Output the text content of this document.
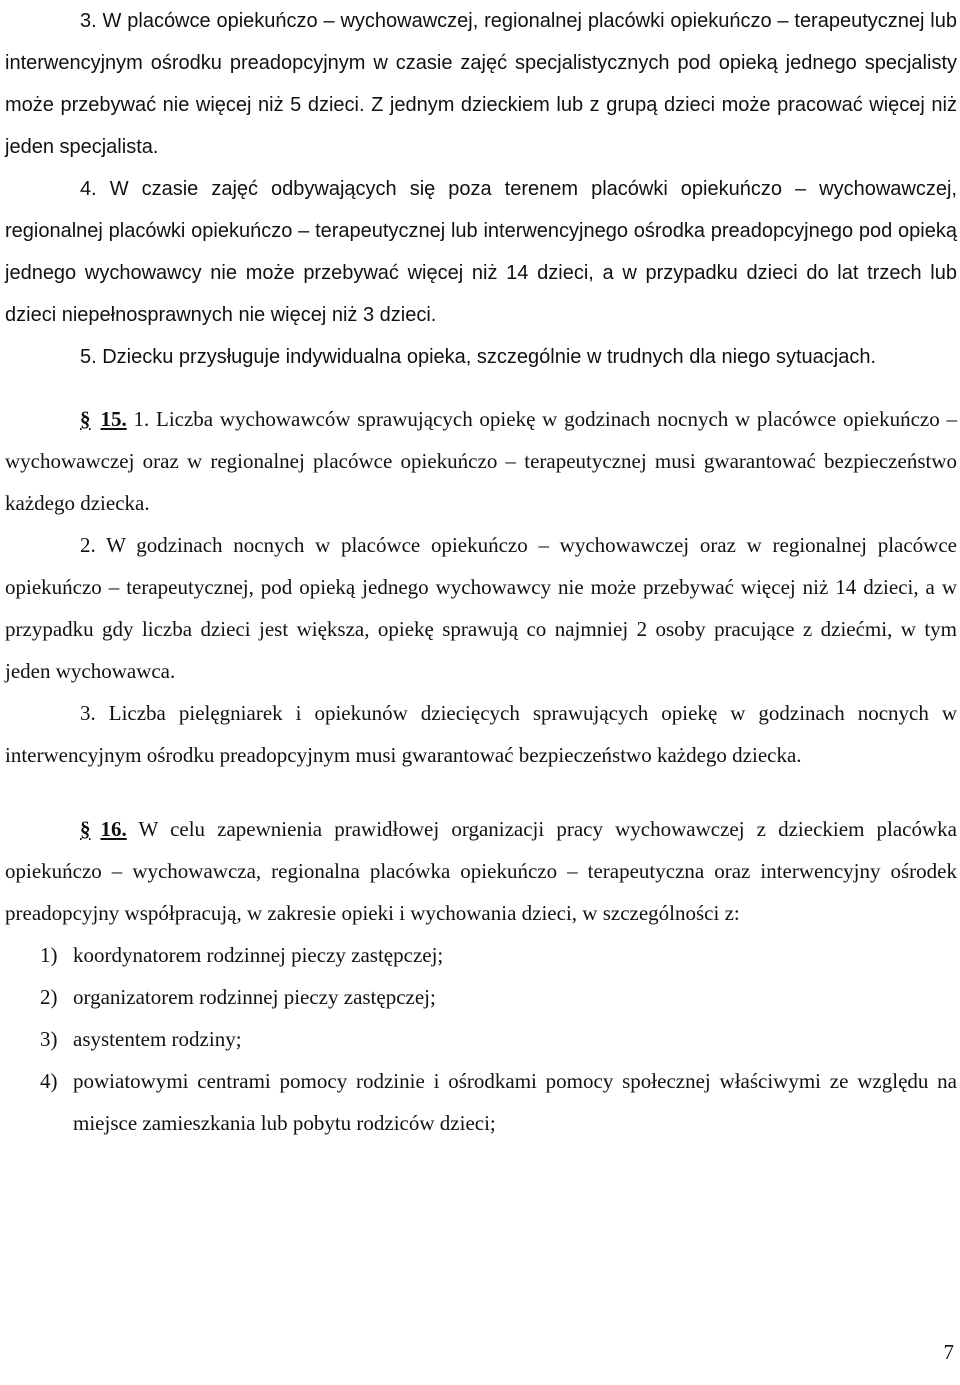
3. W placówce opiekuńczo – wychowawczej, regionalnej placówki opiekuńczo – terapeutycznej lub interwencyjnym ośrodku preadopcyjnym w czasie zajęć specjalistycznych pod opieką jednego specjalisty może przebywać nie więcej niż 5 dzieci. Z jednym dzieckiem lub z grupą dzieci może pracować więcej niż jeden specjalista.

4. W czasie zajęć odbywających się poza terenem placówki opiekuńczo – wychowawczej, regionalnej placówki opiekuńczo – terapeutycznej lub interwencyjnego ośrodka preadopcyjnego pod opieką jednego wychowawcy nie może przebywać więcej niż 14 dzieci, a w przypadku dzieci do lat trzech lub dzieci niepełnosprawnych nie więcej niż 3 dzieci.

5. Dziecku przysługuje indywidualna opieka, szczególnie w trudnych dla niego sytuacjach.

§ 15. 1. Liczba wychowawców sprawujących opiekę w godzinach nocnych w placówce opiekuńczo – wychowawczej oraz w regionalnej placówce opiekuńczo – terapeutycznej musi gwarantować bezpieczeństwo każdego dziecka.

2. W godzinach nocnych w placówce opiekuńczo – wychowawczej oraz w regionalnej placówce opiekuńczo – terapeutycznej, pod opieką jednego wychowawcy nie może przebywać więcej niż 14 dzieci, a w przypadku gdy liczba dzieci jest większa, opiekę sprawują co najmniej 2 osoby pracujące z dziećmi, w tym jeden wychowawca.

3. Liczba pielęgniarek i opiekunów dziecięcych sprawujących opiekę w godzinach nocnych w interwencyjnym ośrodku preadopcyjnym musi gwarantować bezpieczeństwo każdego dziecka.

§ 16. W celu zapewnienia prawidłowej organizacji pracy wychowawczej z dzieckiem placówka opiekuńczo – wychowawcza, regionalna placówka opiekuńczo – terapeutyczna oraz interwencyjny ośrodek preadopcyjny współpracują, w zakresie opieki i wychowania dzieci, w szczególności z:

1) koordynatorem rodzinnej pieczy zastępczej;
2) organizatorem rodzinnej pieczy zastępczej;
3) asystentem rodziny;
4) powiatowymi centrami pomocy rodzinie i ośrodkami pomocy społecznej właściwymi ze względu na miejsce zamieszkania lub pobytu rodziców dzieci;
7
